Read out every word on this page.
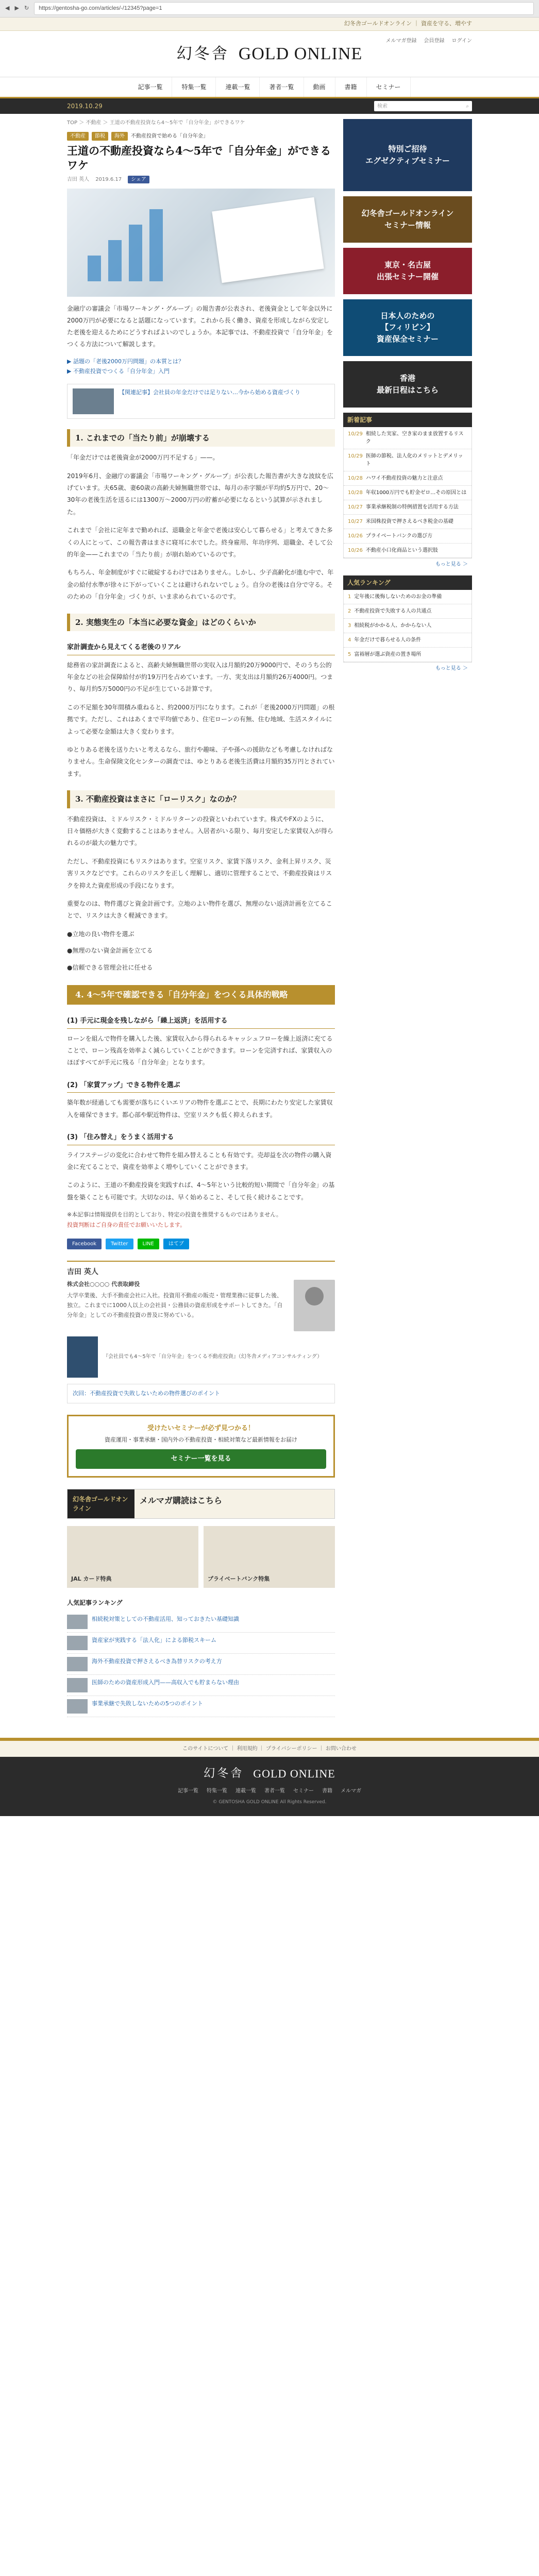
◀ ▶ ↻	https://gentosha-go.com/articles/-/12345?page=1
幻冬舎ゴールドオンライン ｜ 資産を守る、増やす
幻冬舎 GOLD ONLINE
メルマガ登録 会員登録 ログイン
記事一覧	特集一覧	連載一覧	著者一覧	動画	書籍	セミナー
2019.10.29	検索	⌕
TOP ＞ 不動産 ＞ 王道の不動産投資なら4～5年で「自分年金」ができるワケ
不動産	節税	海外	不動産投資で始める「自分年金」
王道の不動産投資なら4～5年で「自分年金」ができるワケ
吉田 英人 2019.6.17	シェア

金融庁の審議会「市場ワーキング・グループ」の報告書が公表され、老後資金として年金以外に2000万円が必要になると話題になっています。これから長く働き、資産を形成しながら安定した老後を迎えるためにどうすればよいのでしょうか。本記事では、不動産投資で「自分年金」をつくる方法について解説します。

▶ 話題の「老後2000万円問題」の本質とは？
▶ 不動産投資でつくる「自分年金」入門
【関連記事】会社員の年金だけでは足りない…今から始める資産づくり
1. これまでの「当たり前」が崩壊する

「年金だけでは老後資金が2000万円不足する」——。

2019年6月、金融庁の審議会「市場ワーキング・グループ」が公表した報告書が大きな波紋を広げています。夫65歳、妻60歳の高齢夫婦無職世帯では、毎月の赤字額が平均約5万円で、20～30年の老後生活を送るには1300万～2000万円の貯蓄が必要になるという試算が示されました。

これまで「会社に定年まで勤めれば、退職金と年金で老後は安心して暮らせる」と考えてきた多くの人にとって、この報告書はまさに寝耳に水でした。終身雇用、年功序列、退職金、そして公的年金——これまでの「当たり前」が崩れ始めているのです。

もちろん、年金制度がすぐに破綻するわけではありません。しかし、少子高齢化が進む中で、年金の給付水準が徐々に下がっていくことは避けられないでしょう。自分の老後は自分で守る。そのための「自分年金」づくりが、いま求められているのです。

2. 実態実生の「本当に必要な資金」はどのくらいか
家計調査から見えてくる老後のリアル

総務省の家計調査によると、高齢夫婦無職世帯の実収入は月額約20万9000円で、そのうち公的年金などの社会保障給付が約19万円を占めています。一方、実支出は月額約26万4000円。つまり、毎月約5万5000円の不足が生じている計算です。

この不足額を30年間積み重ねると、約2000万円になります。これが「老後2000万円問題」の根拠です。ただし、これはあくまで平均値であり、住宅ローンの有無、住む地域、生活スタイルによって必要な金額は大きく変わります。

ゆとりある老後を送りたいと考えるなら、旅行や趣味、子や孫への援助なども考慮しなければなりません。生命保険文化センターの調査では、ゆとりある老後生活費は月額約35万円とされています。

3. 不動産投資はまさに「ローリスク」なのか？

不動産投資は、ミドルリスク・ミドルリターンの投資といわれています。株式やFXのように、日々価格が大きく変動することはありません。入居者がいる限り、毎月安定した家賃収入が得られるのが最大の魅力です。

ただし、不動産投資にもリスクはあります。空室リスク、家賃下落リスク、金利上昇リスク、災害リスクなどです。これらのリスクを正しく理解し、適切に管理することで、不動産投資はリスクを抑えた資産形成の手段になります。

重要なのは、物件選びと資金計画です。立地のよい物件を選び、無理のない返済計画を立てることで、リスクは大きく軽減できます。

●立地の良い物件を選ぶ
●無理のない資金計画を立てる
●信頼できる管理会社に任せる
4. 4～5年で確認できる「自分年金」をつくる具体的戦略
(1) 手元に現金を残しながら「繰上返済」を活用する

ローンを組んで物件を購入した後、家賃収入から得られるキャッシュフローを繰上返済に充てることで、ローン残高を効率よく減らしていくことができます。ローンを完済すれば、家賃収入のほぼすべてが手元に残る「自分年金」となります。

(2) 「家賃アップ」できる物件を選ぶ

築年数が経過しても需要が落ちにくいエリアの物件を選ぶことで、長期にわたり安定した家賃収入を確保できます。都心部や駅近物件は、空室リスクも低く抑えられます。

(3) 「住み替え」をうまく活用する

ライフステージの変化に合わせて物件を組み替えることも有効です。売却益を次の物件の購入資金に充てることで、資産を効率よく増やしていくことができます。

このように、王道の不動産投資を実践すれば、4～5年という比較的短い期間で「自分年金」の基盤を築くことも可能です。大切なのは、早く始めること、そして長く続けることです。

※本記事は情報提供を目的としており、特定の投資を推奨するものではありません。
投資判断はご自身の責任でお願いいたします。

Facebook	Twitter	LINE	はてブ
吉田 英人
株式会社○○○○ 代表取締役
大学卒業後、大手不動産会社に入社。投資用不動産の販売・管理業務に従事した後、独立。これまでに1000人以上の会社員・公務員の資産形成をサポートしてきた。「自分年金」としての不動産投資の普及に努めている。
『会社員でも4～5年で「自分年金」をつくる不動産投資』（幻冬舎メディアコンサルティング）
次回：不動産投資で失敗しないための物件選びのポイント
受けたいセミナーが必ず見つかる！
資産運用・事業承継・国内外の不動産投資・相続対策など最新情報をお届け
セミナー一覧を見る
幻冬舎ゴールドオンライン
メルマガ購読はこちら
JAL カード特典	プライベートバンク特集
人気記事ランキング
相続税対策としての不動産活用、知っておきたい基礎知識
資産家が実践する「法人化」による節税スキーム
海外不動産投資で押さえるべき為替リスクの考え方
医師のための資産形成入門——高収入でも貯まらない理由
事業承継で失敗しないための5つのポイント
特別ご招待
エグゼクティブセミナー
幻冬舎ゴールドオンライン
セミナー情報
東京・名古屋
出張セミナー開催
日本人のための
【フィリピン】
資産保全セミナー
香港
最新日程はこちら
新着記事
10/29 相続した実家、空き家のまま放置するリスク
10/29 医師の節税、法人化のメリットとデメリット
10/28 ハワイ不動産投資の魅力と注意点
10/28 年収1000万円でも貯金ゼロ…その原因とは
10/27 事業承継税制の特例措置を活用する方法
10/27 米国株投資で押さえるべき税金の基礎
10/26 プライベートバンクの選び方
10/26 不動産小口化商品という選択肢
もっと見る ＞
人気ランキング
1 定年後に後悔しないためのお金の準備
2 不動産投資で失敗する人の共通点
3 相続税がかかる人、かからない人
4 年金だけで暮らせる人の条件
5 富裕層が選ぶ資産の置き場所
もっと見る ＞
このサイトについて ｜ 利用規約 ｜ プライバシーポリシー ｜ お問い合わせ
幻冬舎 GOLD ONLINE
記事一覧 特集一覧 連載一覧 著者一覧 セミナー 書籍 メルマガ
© GENTOSHA GOLD ONLINE All Rights Reserved.
